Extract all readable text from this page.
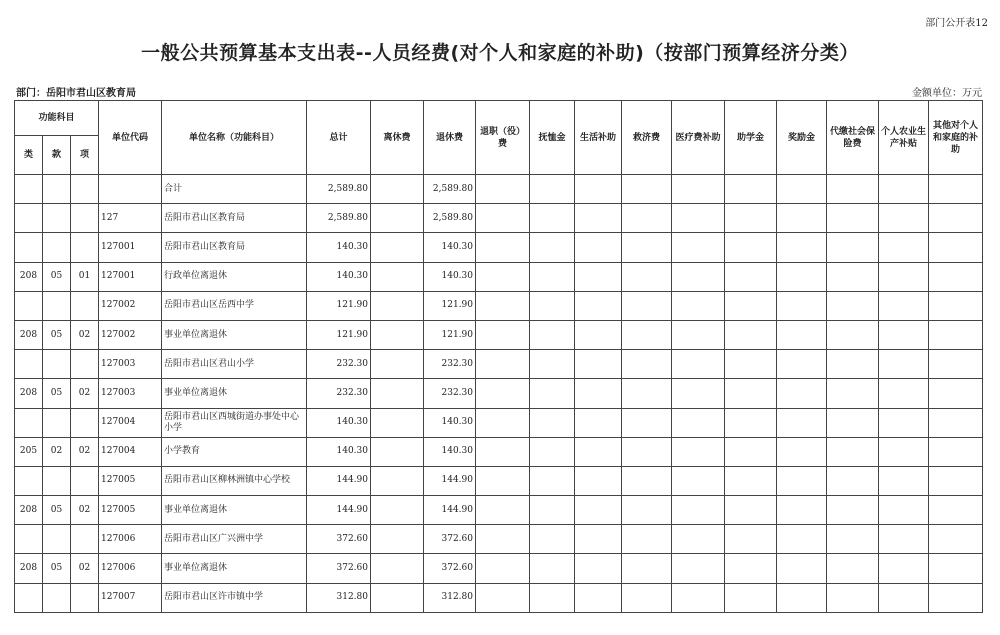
部门公开表12
一般公共预算基本支出表--人员经费(对个人和家庭的补助)（按部门预算经济分类）
部门：岳阳市君山区教育局	金额单位：万元
功能科目			单位代码	单位名称（功能科目）	总计	离休费	退休费	退职（役）费	抚恤金	生活补助	救济费	医疗费补助	助学金	奖励金	代缴社会保险费	个人农业生产补贴	其他对个人和家庭的补助
类	款	项															
				合计	2,589.80		2,589.80										
			127	岳阳市君山区教育局	2,589.80		2,589.80										
			127001	岳阳市君山区教育局	140.30		140.30										
208	05	01	127001	行政单位离退休	140.30		140.30										
			127002	岳阳市君山区岳西中学	121.90		121.90										
208	05	02	127002	事业单位离退休	121.90		121.90										
			127003	岳阳市君山区君山小学	232.30		232.30										
208	05	02	127003	事业单位离退休	232.30		232.30										
			127004	岳阳市君山区西城街道办事处中心小学	140.30		140.30										
205	02	02	127004	小学教育	140.30		140.30										
			127005	岳阳市君山区柳林洲镇中心学校	144.90		144.90										
208	05	02	127005	事业单位离退休	144.90		144.90										
			127006	岳阳市君山区广兴洲中学	372.60		372.60										
208	05	02	127006	事业单位离退休	372.60		372.60										
			127007	岳阳市君山区许市镇中学	312.80		312.80										
